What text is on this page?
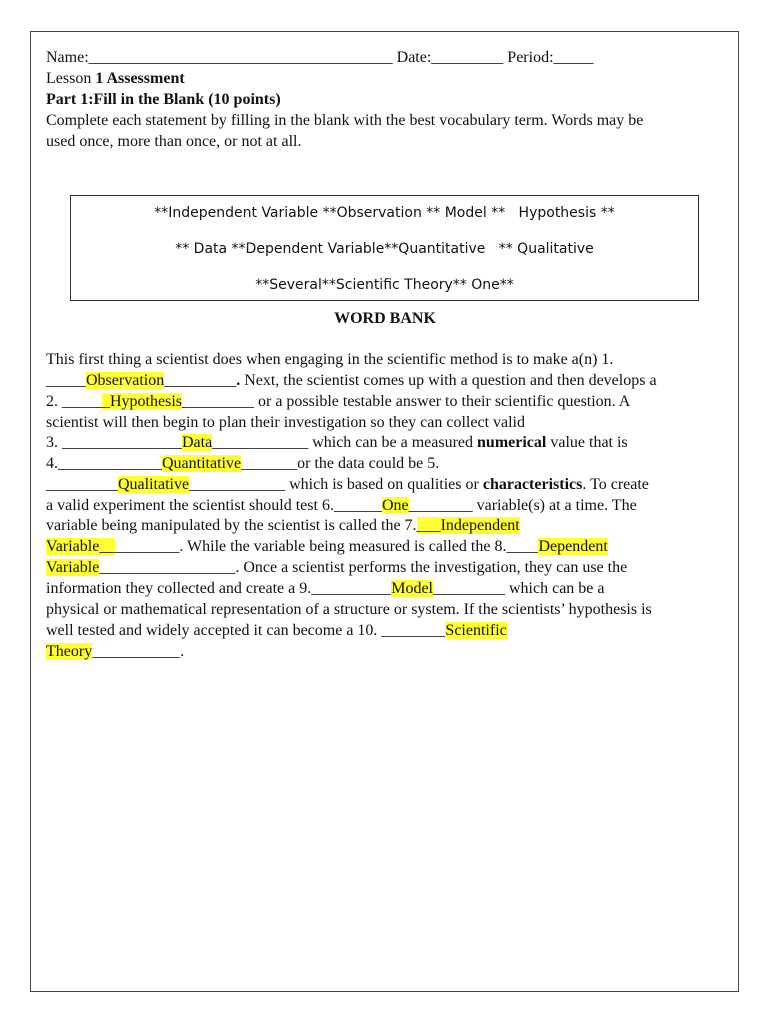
Name:______________________________________ Date:_________ Period:_____
Lesson 1 Assessment
Part 1:Fill in the Blank (10 points)
Complete each statement by filling in the blank with the best vocabulary term. Words may be
used once, more than once, or not at all.
**Independent Variable **Observation ** Model **   Hypothesis **
** Data **Dependent Variable**Quantitative   ** Qualitative
**Several**Scientific Theory** One**
WORD BANK
This first thing a scientist does when engaging in the scientific method is to make a(n) 1.
_____Observation_________. Next, the scientist comes up with a question and then develops a
2. ______Hypothesis_________ or a possible testable answer to their scientific question. A
scientist will then begin to plan their investigation so they can collect valid
3. _______________Data____________ which can be a measured numerical value that is
4._____________Quantitative_______or the data could be 5.
_________Qualitative____________ which is based on qualities or characteristics. To create
a valid experiment the scientist should test 6.______One________ variable(s) at a time. The
variable being manipulated by the scientist is called the 7.___Independent
Variable__________. While the variable being measured is called the 8.____Dependent
Variable_________________. Once a scientist performs the investigation, they can use the
information they collected and create a 9.__________Model_________ which can be a
physical or mathematical representation of a structure or system. If the scientists’ hypothesis is
well tested and widely accepted it can become a 10. ________Scientific
Theory___________.
